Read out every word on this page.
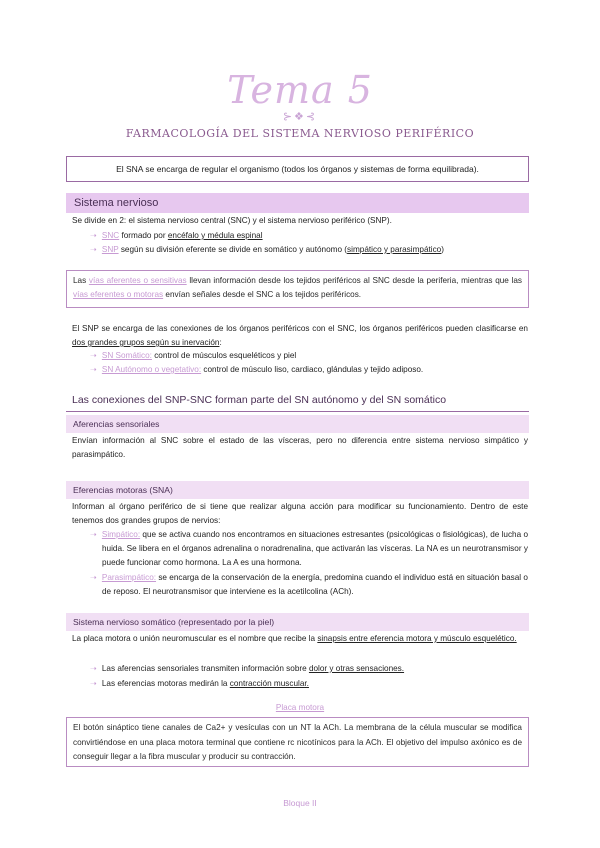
Tema 5
⊱❖⊰
FARMACOLOGÍA DEL SISTEMA NERVIOSO PERIFÉRICO
El SNA se encarga de regular el organismo (todos los órganos y sistemas de forma equilibrada).
Sistema nervioso
Se divide en 2: el sistema nervioso central (SNC) y el sistema nervioso periférico (SNP).
➝ SNC formado por encéfalo y médula espinal
➝ SNP según su división eferente se divide en somático y autónomo (simpático y parasimpático)
Las vías aferentes o sensitivas llevan información desde los tejidos periféricos al SNC desde la periferia, mientras que las vías eferentes o motoras envían señales desde el SNC a los tejidos periféricos.
El SNP se encarga de las conexiones de los órganos periféricos con el SNC, los órganos periféricos pueden clasificarse en dos grandes grupos según su inervación:
➝ SN Somático: control de músculos esqueléticos y piel
➝ SN Autónomo o vegetativo: control de músculo liso, cardiaco, glándulas y tejido adiposo.
Las conexiones del SNP-SNC forman parte del SN autónomo y del SN somático
Aferencias sensoriales
Envían información al SNC sobre el estado de las vísceras, pero no diferencia entre sistema nervioso simpático y parasimpático.
Eferencias motoras (SNA)
Informan al órgano periférico de si tiene que realizar alguna acción para modificar su funcionamiento. Dentro de este tenemos dos grandes grupos de nervios:
➝ Simpático: que se activa cuando nos encontramos en situaciones estresantes (psicológicas o fisiológicas), de lucha o huida. Se libera en el órganos adrenalina o noradrenalina, que activarán las vísceras. La NA es un neurotransmisor y puede funcionar como hormona. La A es una hormona.
➝ Parasimpático: se encarga de la conservación de la energía, predomina cuando el individuo está en situación basal o de reposo. El neurotransmisor que interviene es la acetilcolina (ACh).
Sistema nervioso somático (representado por la piel)
La placa motora o unión neuromuscular es el nombre que recibe la sinapsis entre eferencia motora y músculo esquelético.
➝ Las aferencias sensoriales transmiten información sobre dolor y otras sensaciones.
➝ Las eferencias motoras medirán la contracción muscular.
Placa motora
El botón sináptico tiene canales de Ca2+ y vesículas con un NT la ACh. La membrana de la célula muscular se modifica convirtiéndose en una placa motora terminal que contiene rc nicotínicos para la ACh. El objetivo del impulso axónico es de conseguir llegar a la fibra muscular y producir su contracción.
Bloque II
